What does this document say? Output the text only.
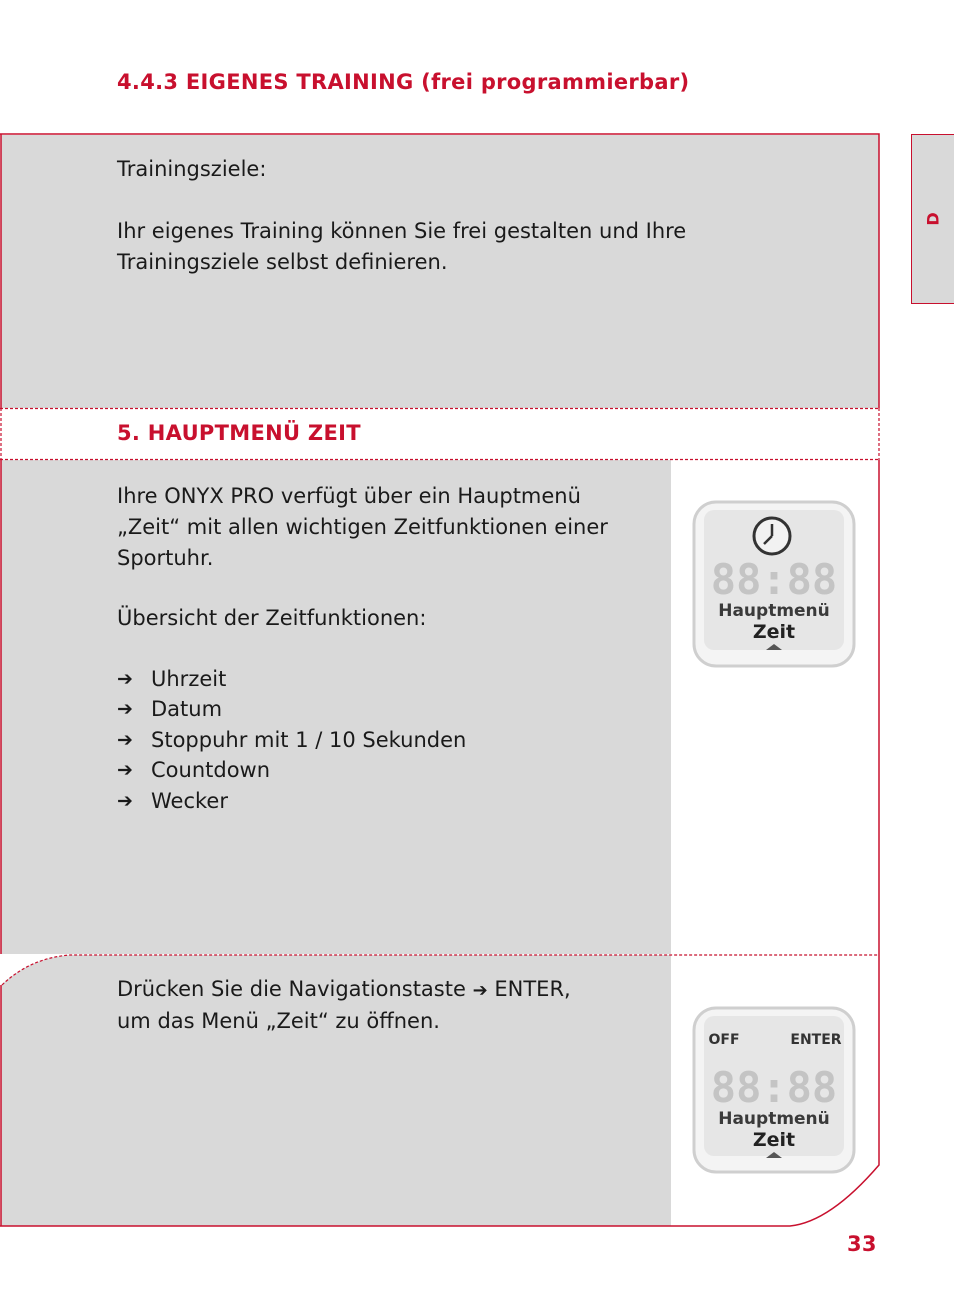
4.4.3 EIGENES TRAINING (frei programmierbar)
D
Trainingsziele:
Ihr eigenes Training können Sie frei gestalten und Ihre
Trainingsziele selbst definieren.
5. HAUPTMENÜ ZEIT
Ihre ONYX PRO verfügt über ein Hauptmenü
„Zeit“ mit allen wichtigen Zeitfunktionen einer
Sportuhr.
Übersicht der Zeitfunktionen:
➔ Uhrzeit
➔ Datum
➔ Stoppuhr mit 1 / 10 Sekunden
➔ Countdown
➔ Wecker
Drücken Sie die Navigationstaste ➔ ENTER,
um das Menü „Zeit“ zu öffnen.
88:88
Hauptmenü
Zeit
OFF	ENTER
88:88
Hauptmenü
Zeit
33
